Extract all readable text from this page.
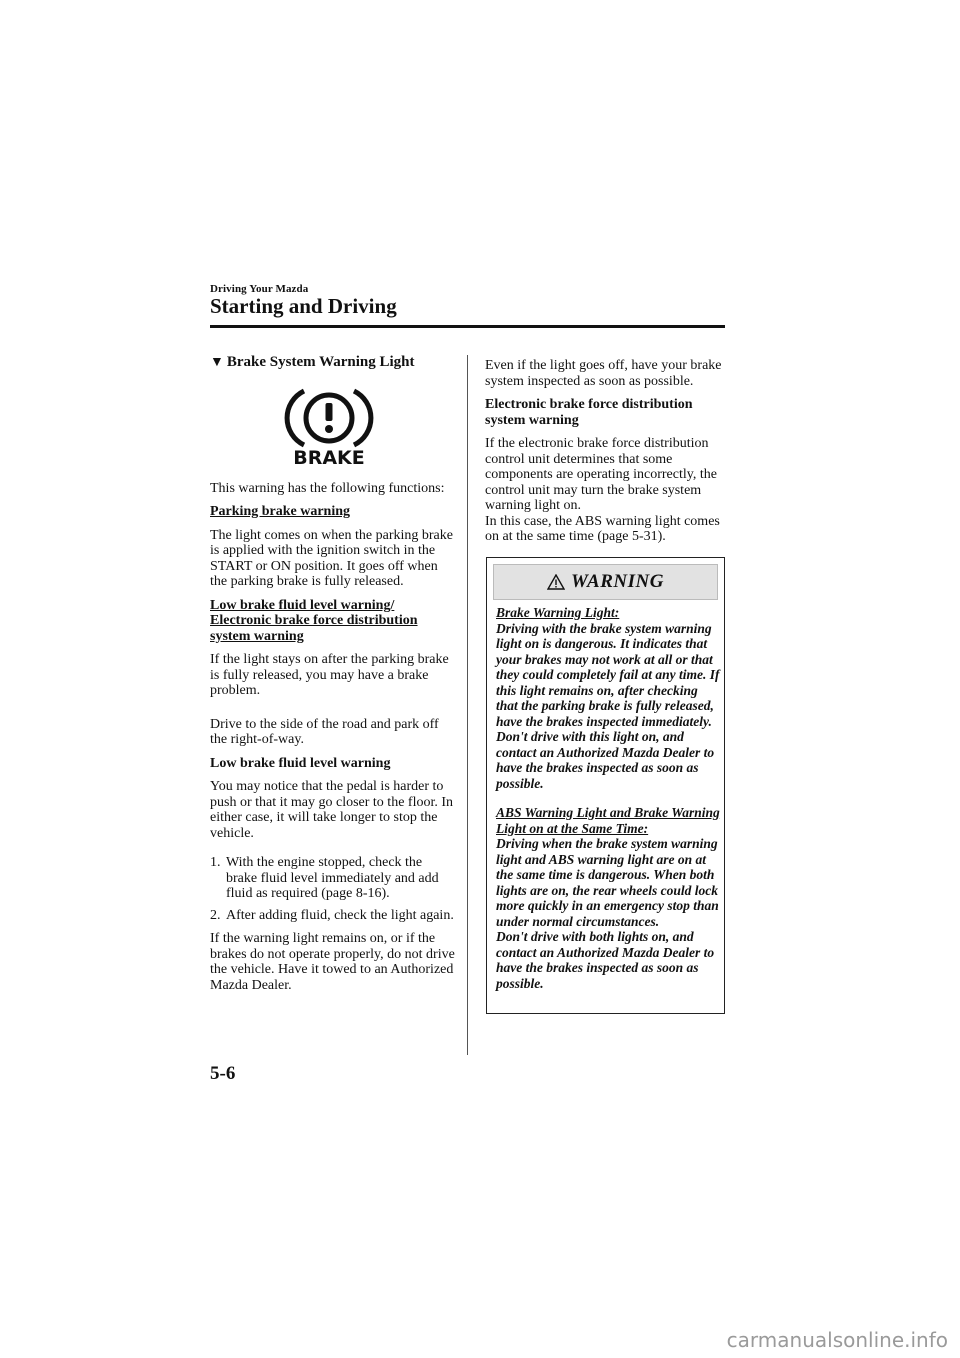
Driving Your Mazda
Starting and Driving
▼ Brake System Warning Light
BRAKE

This warning has the following functions:

Parking brake warning

The light comes on when the parking brake is applied with the ignition switch in the START or ON position. It goes off when the parking brake is fully released.

Low brake fluid level warning/
Electronic brake force distribution
system warning

If the light stays on after the parking brake is fully released, you may have a brake problem.

Drive to the side of the road and park off the right-of-way.

Low brake fluid level warning

You may notice that the pedal is harder to push or that it may go closer to the floor. In either case, it will take longer to stop the vehicle.

1. With the engine stopped, check the brake fluid level immediately and add fluid as required (page 8-16).
2. After adding fluid, check the light again.

If the warning light remains on, or if the brakes do not operate properly, do not drive the vehicle. Have it towed to an Authorized Mazda Dealer.

Even if the light goes off, have your brake system inspected as soon as possible.

Electronic brake force distribution system warning

If the electronic brake force distribution control unit determines that some components are operating incorrectly, the control unit may turn the brake system warning light on.

In this case, the ABS warning light comes on at the same time (page 5-31).

WARNING

Brake Warning Light:

Driving with the brake system warning light on is dangerous. It indicates that your brakes may not work at all or that they could completely fail at any time. If this light remains on, after checking that the parking brake is fully released, have the brakes inspected immediately. Don't drive with this light on, and contact an Authorized Mazda Dealer to have the brakes inspected as soon as possible.

ABS Warning Light and Brake Warning Light on at the Same Time:

Driving when the brake system warning light and ABS warning light are on at the same time is dangerous. When both lights are on, the rear wheels could lock more quickly in an emergency stop than under normal circumstances.

Don't drive with both lights on, and contact an Authorized Mazda Dealer to have the brakes inspected as soon as possible.

5-6
carmanualsonline.info
